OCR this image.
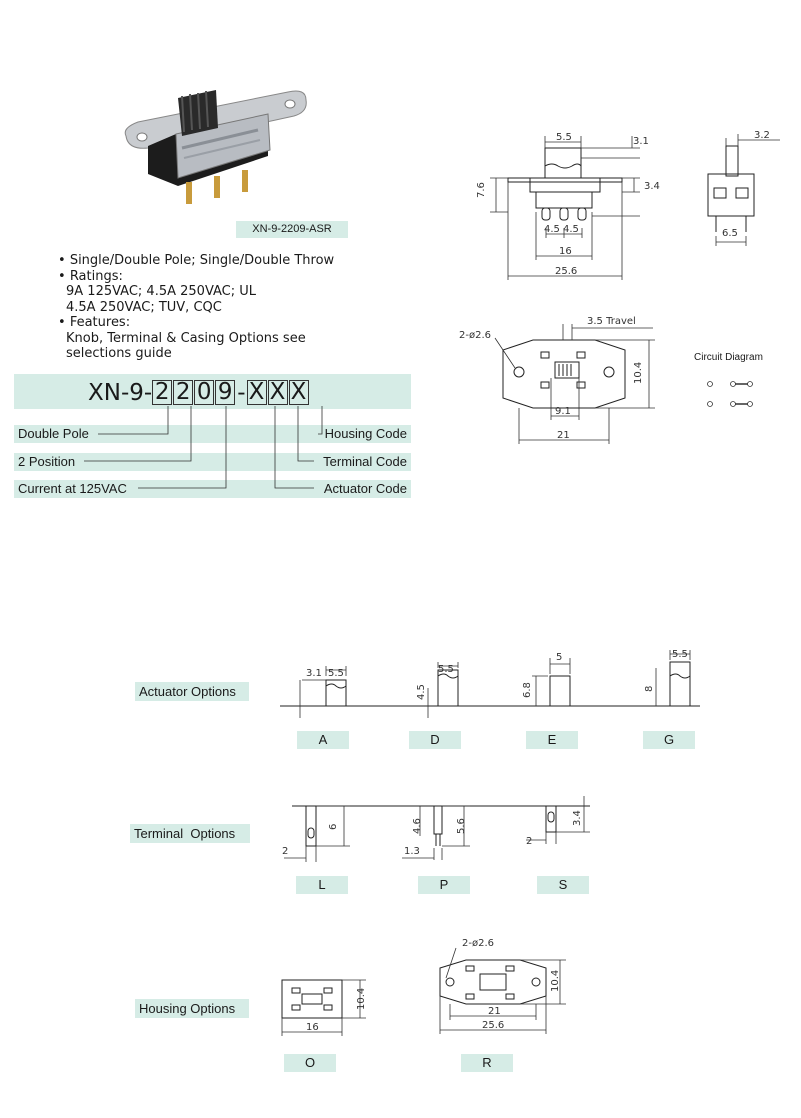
XN-9-2209-ASR
• Single/Double Pole; Single/Double Throw
• Ratings:
9A 125VAC; 4.5A 250VAC; UL
4.5A 250VAC; TUV, CQC
• Features:
Knob, Terminal & Casing Options see
selections guide
XN-9- 2 2 0 9 - X X X
Double Pole	Housing Code
2 Position	Terminal Code
Current at 125VAC	Actuator Code
5.5	3.1
7.6	3.4
4.5 4.5
16
25.6
3.2
6.5
2-ø2.6
3.5 Travel
10.4
9.1
21
Circuit Diagram
Actuator Options
3.1 5.5	5.5
4.5
5
6.8
5.5
8
A	D	E	G
Terminal  Options
2
6	4.6	5.6
1.3
2
3.4
L	P	S
Housing Options	10.4
16
2-ø2.6
10.4
21
25.6
O	R
